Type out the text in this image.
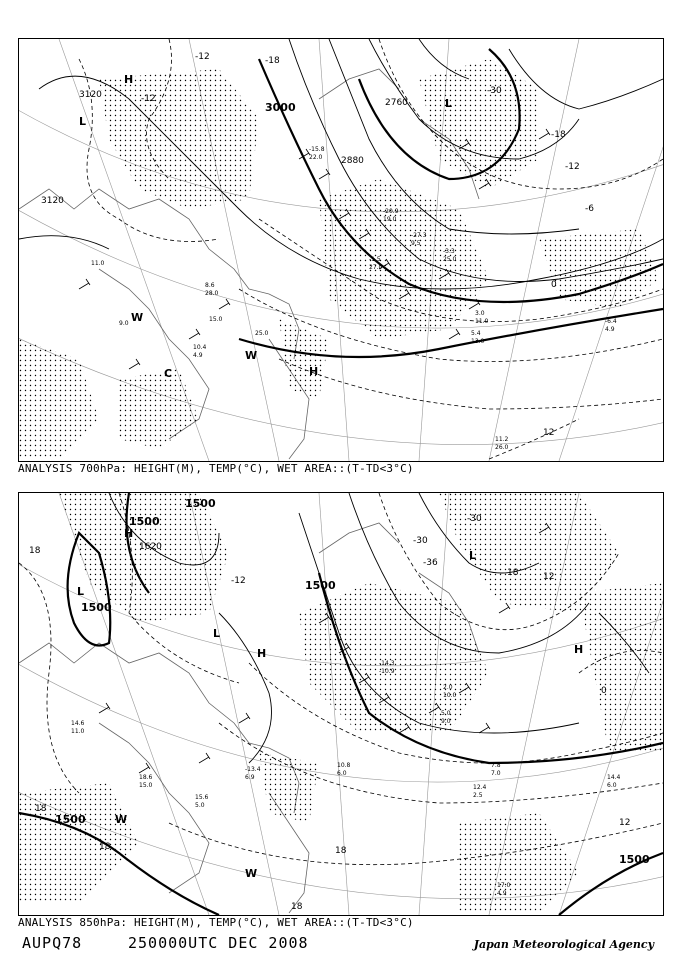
3120
3000	2760
2880
3120
-18
-12
-30
-18
-12
-6
0
12
-12
H
L
L
H
W
W
C
11.2
26.0
3.0
11.0
5.4
13.0
-6.4
4.9
9.0
11.0
8.6
28.0
15.0
25.0
10.4
4.9
-15.8
22.0
-20.9
19.0
-27.3
9.5
-3.3
25.0
-1.5
27.0
ANALYSIS 700hPa: HEIGHT(M), TEMP(°C), WET AREA::(T-TD<3°C)
1500
1500
1620
1500
1500
1500
1500
18
-30
-12
-36
-30
18	12
0
18
18
12
18
18
H
L
L
H
L
H
W
W
14.6
11.0
7.8
7.0
12.4
2.5
14.4
6.0
17.0
4.9
5.0
9.0
2.0
10.0
-14.3
-10.9
18.6
15.0
15.6
5.0
10.8
6.0
-13.4
6.9
ANALYSIS 850hPa: HEIGHT(M), TEMP(°C), WET AREA::(T-TD<3°C)
AUPQ78	250000UTC DEC 2008	Japan Meteorological Agency
